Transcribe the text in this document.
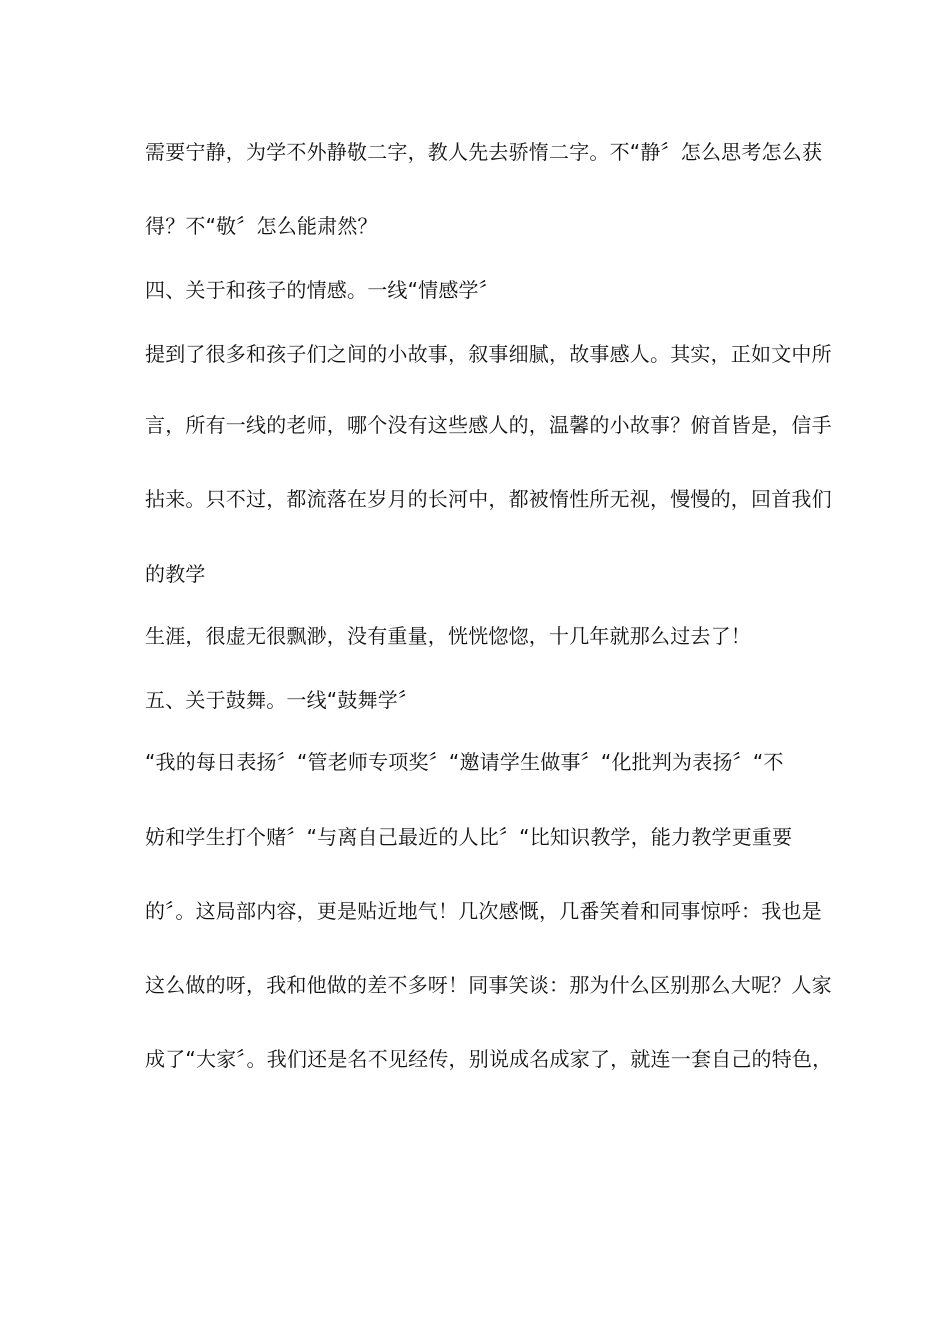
需要宁静，为学不外静敬二字，教人先去骄惰二字。不“静〞怎么思考怎么获
得？不“敬〞怎么能肃然？
四、关于和孩子的情感。一线“情感学〞
提到了很多和孩子们之间的小故事，叙事细腻，故事感人。其实，正如文中所
言，所有一线的老师，哪个没有这些感人的，温馨的小故事？俯首皆是，信手
拈来。只不过，都流落在岁月的长河中，都被惰性所无视，慢慢的，回首我们
的教学
生涯，很虚无很飘渺，没有重量，恍恍惚惚，十几年就那么过去了！
五、关于鼓舞。一线“鼓舞学〞
“我的每日表扬〞“管老师专项奖〞“邀请学生做事〞“化批判为表扬〞“不
妨和学生打个赌〞“与离自己最近的人比〞“比知识教学，能力教学更重要
的〞。这局部内容，更是贴近地气！几次感慨，几番笑着和同事惊呼：我也是
这么做的呀，我和他做的差不多呀！同事笑谈：那为什么区别那么大呢？人家
成了“大家〞。我们还是名不见经传，别说成名成家了，就连一套自己的特色，
